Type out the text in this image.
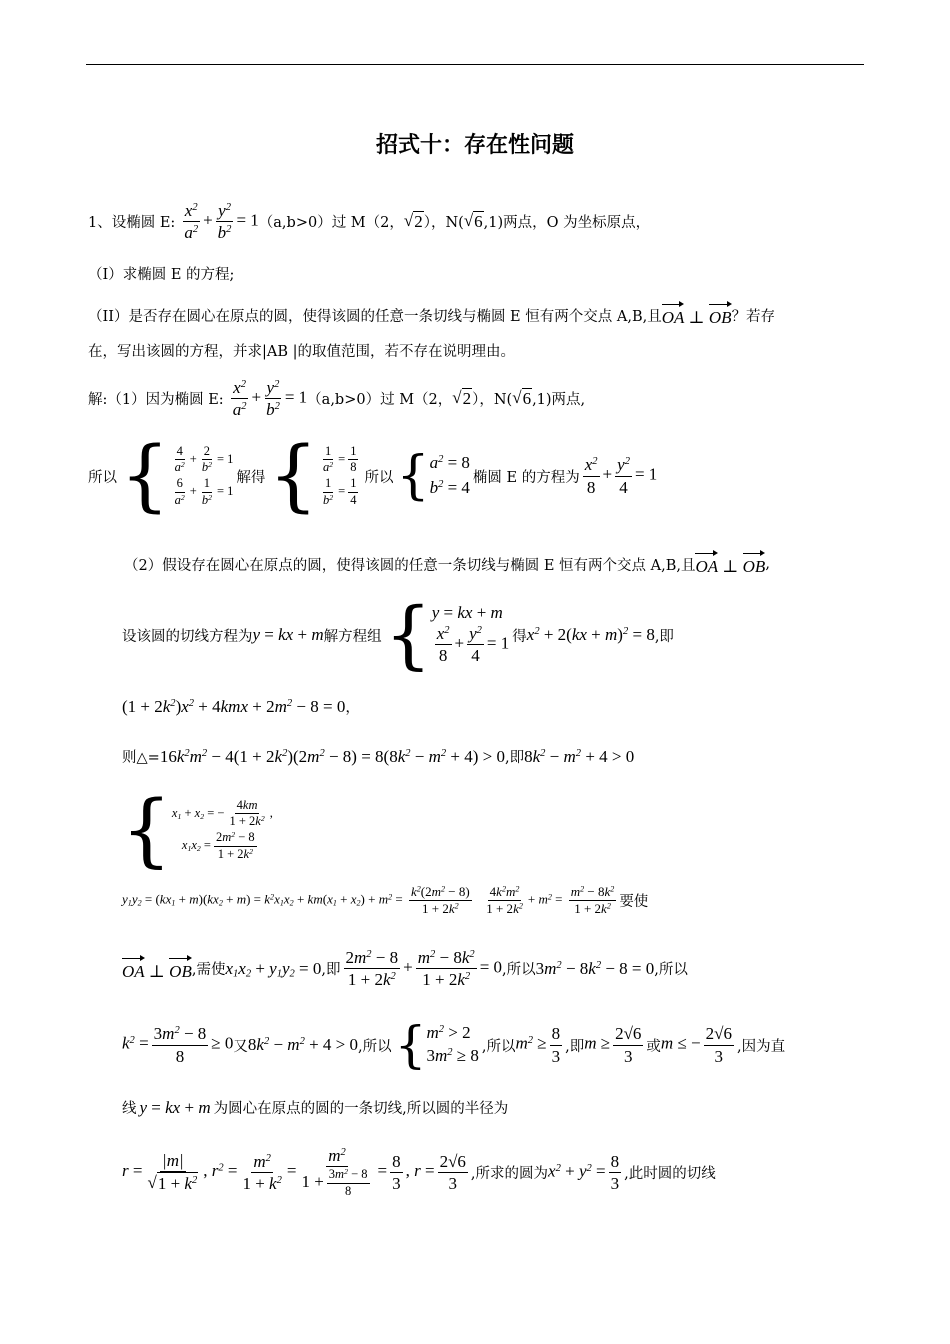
招式十：存在性问题
1、设椭圆 E: $\frac{x^2}{a^2} + \frac{y^2}{b^2} = 1$ （a,b>0）过 M（2， √ 2 ），N( √ 6 ,1)两点，O 为坐标原点，
（I）求椭圆 E 的方程;
（II）是否存在圆心在原点的圆，使得该圆的任意一条切线与椭圆 E 恒有两个交点 A,B,且 OA ⊥ OB ？若存
在，写出该圆的方程，并求|AB |的取值范围，若不存在说明理由。
解:（1）因为椭圆 E: $\frac{x^2}{a^2} + \frac{y^2}{b^2} = 1$ （a,b>0）过 M（2， √ 2 ），N( √ 6 ,1)两点,
所以 { $\frac{4}{a^2} + \frac{2}{b^2} = 1$
$\frac{6}{a^2} + \frac{1}{b^2} = 1$
解得 { $\frac{1}{a^2} = \frac{1}{8}$
$\frac{1}{b^2} = \frac{1}{4}$ 所以 { $a^2 = 8$
$b^2 = 4$
椭圆 E 的方程为 $\frac{x^2}{8} + \frac{y^2}{4} = 1$
（2）假设存在圆心在原点的圆，使得该圆的任意一条切线与椭圆 E 恒有两个交点 A,B,且 OA ⊥ OB ,
设该圆的切线方程为 y = kx + m 解方程组 { y = kx + m
$\frac{x^2}{8} + \frac{y^2}{4} = 1$ 得 $x^2 + 2(kx + m)^2 = 8$ ,即
$(1 + 2k^2)x^2 + 4kmx + 2m^2 - 8 = 0$ ，
则△= $16k^2m^2 - 4(1 + 2k^2)(2m^2 - 8) = 8(8k^2 - m^2 + 4) > 0$ ,即 $8k^2 - m^2 + 4 > 0$
{ $x_1 + x_2$ = − $\frac{4km}{1 + 2k^2}$ ,
$x_1x_2 = \frac{2m^2 - 8}{1 + 2k^2}$
$y_1y_2 = (kx_1 + m)(kx_2 + m) = k^2x_1x_2 + km(x_1 + x_2) + m^2 = \frac{k^2(2m^2 - 8)}{1 + 2k^2}$
$\frac{4k^2m^2}{1 + 2k^2} + m^2 = \frac{m^2 - 8k^2}{1 + 2k^2}$ 要使
OA ⊥ OB ,需使 $x_1x_2 + y_1y_2 = 0$ ,即 $\frac{2m^2 - 8}{1 + 2k^2} + \frac{m^2 - 8k^2}{1 + 2k^2} = 0$ ,所以 $3m^2 - 8k^2 - 8 = 0$ ,所以
$k^2 = \frac{3m^2 - 8}{8} \ge 0$ 又 $8k^2 - m^2 + 4 > 0$ ,所以 { $m^2 > 2$
$3m^2 \ge 8$ ,所以 $m^2 \ge \frac{8}{3}$ ,即 $m \ge \frac{2√6}{3}$ 或 m ≤ − $\frac{2√6}{3}$ ,因为直
线 y = kx + m 为圆心在原点的圆的一条切线,所以圆的半径为
$r = \frac{|m|}{√ 1 + k^2}$ , $r^2 = \frac{m^2}{1 + k^2} = \frac{m^2}{1 + \frac{3m^2 - 8}{8}} = \frac{8}{3}$ , $r = \frac{2√6}{3}$ ,所求的圆为 $x^2 + y^2 = \frac{8}{3}$ ,此时圆的切线
